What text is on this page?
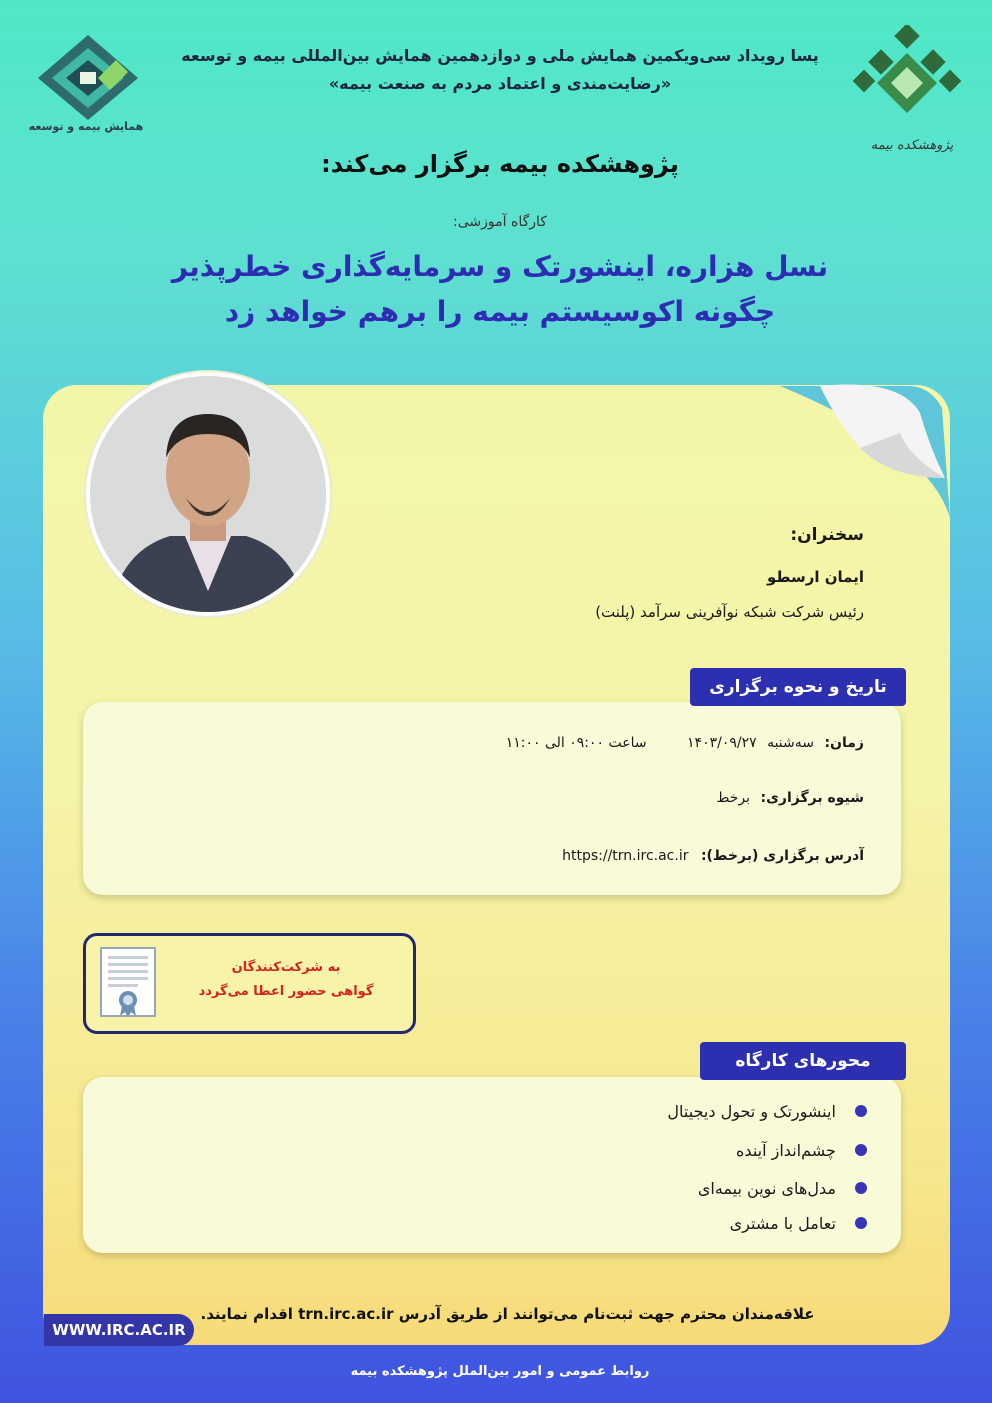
همایش بیمه و توسعه
پژوهشکده بیمه
پسا رویداد سی‌ویکمین همایش ملی و دوازدهمین همایش بین‌المللی بیمه و توسعه
«رضایت‌مندی و اعتماد مردم به صنعت بیمه»
پژوهشکده بیمه برگزار می‌کند:
کارگاه آموزشی:
نسل هزاره، اینشورتک و سرمایه‌گذاری خطرپذیر
چگونه اکوسیستم بیمه را برهم خواهد زد
سخنران:
ایمان ارسطو
رئیس شرکت شبکه نوآفرینی سرآمد (پلنت)
تاریخ و نحوه برگزاری
زمان: سه‌شنبه ۱۴۰۳/۰۹/۲۷ ساعت ۰۹:۰۰ الی ۱۱:۰۰
شیوه برگزاری: برخط
آدرس برگزاری (برخط): https://trn.irc.ac.ir
به شرکت‌کنندگان
گواهی حضور اعطا می‌گردد
محورهای کارگاه
اینشورتک و تحول دیجیتال
چشم‌انداز آینده
مدل‌های نوین بیمه‌ای
تعامل با مشتری
علاقه‌مندان محترم جهت ثبت‌نام می‌توانند از طریق آدرس trn.irc.ac.ir اقدام نمایند.
WWW.IRC.AC.IR
روابط عمومی و امور بین‌الملل پژوهشکده بیمه
